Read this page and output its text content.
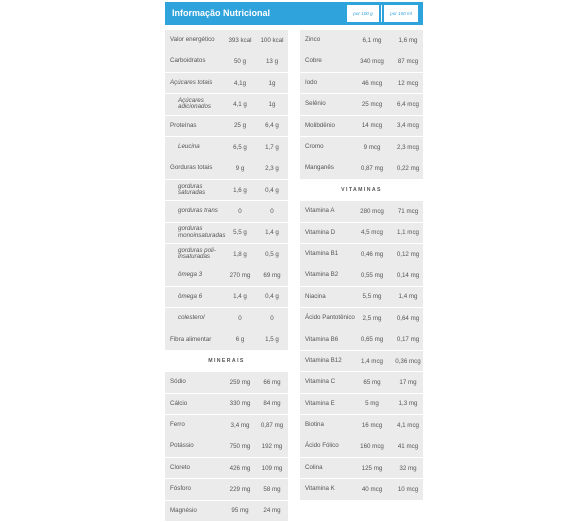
Informação Nutricional	por 100 g	por 100 ml
Valor energético	393 kcal	100 kcal
Carboidratos	50 g	13 g
Açúcares totais	4,1g	1g
Açúcares adicionados	4,1 g	1g
Proteínas	25 g	6,4 g
Leucina	6,5 g	1,7 g
Gorduras totais	9 g	2,3 g
gorduras saturadas	1,6 g	0,4 g
gorduras trans	0	0
gorduras monoinsaturadas	5,5 g	1,4 g
gorduras poli-insaturadas	1,8 g	0,5 g
ômega 3	270 mg	69 mg
ômega 6	1,4 g	0,4 g
colesterol	0	0
Fibra alimentar	6 g	1,5 g
MINERAIS
Sódio	259 mg	66 mg
Cálcio	330 mg	84 mg
Ferro	3,4 mg	0,87 mg
Potássio	750 mg	192 mg
Cloreto	426 mg	109 mg
Fósforo	229 mg	58 mg
Magnésio	95 mg	24 mg
Zinco	6,1 mg	1,6 mg
Cobre	340 mcg	87 mcg
Iodo	46 mcg	12 mcg
Selênio	25 mcg	6,4 mcg
Molibdênio	14 mcg	3,4 mcg
Cromo	9 mcg	2,3 mcg
Manganês	0,87 mg	0,22 mg
VITAMINAS
Vitamina A	280 mcg	71 mcg
Vitamina D	4,5 mcg	1,1 mcg
Vitamina B1	0,46 mg	0,12 mg
Vitamina B2	0,55 mg	0,14 mg
Niacina	5,5 mg	1,4 mg
Ácido Pantotênico	2,5 mg	0,64 mg
Vitamina B6	0,65 mg	0,17 mg
Vitamina B12	1,4 mcg	0,36 mcg
Vitamina C	65 mg	17 mg
Vitamina E	5 mg	1,3 mg
Biotina	16 mcg	4,1 mcg
Ácido Fólico	160 mcg	41 mcg
Colina	125 mg	32 mg
Vitamina K	40 mcg	10 mcg
